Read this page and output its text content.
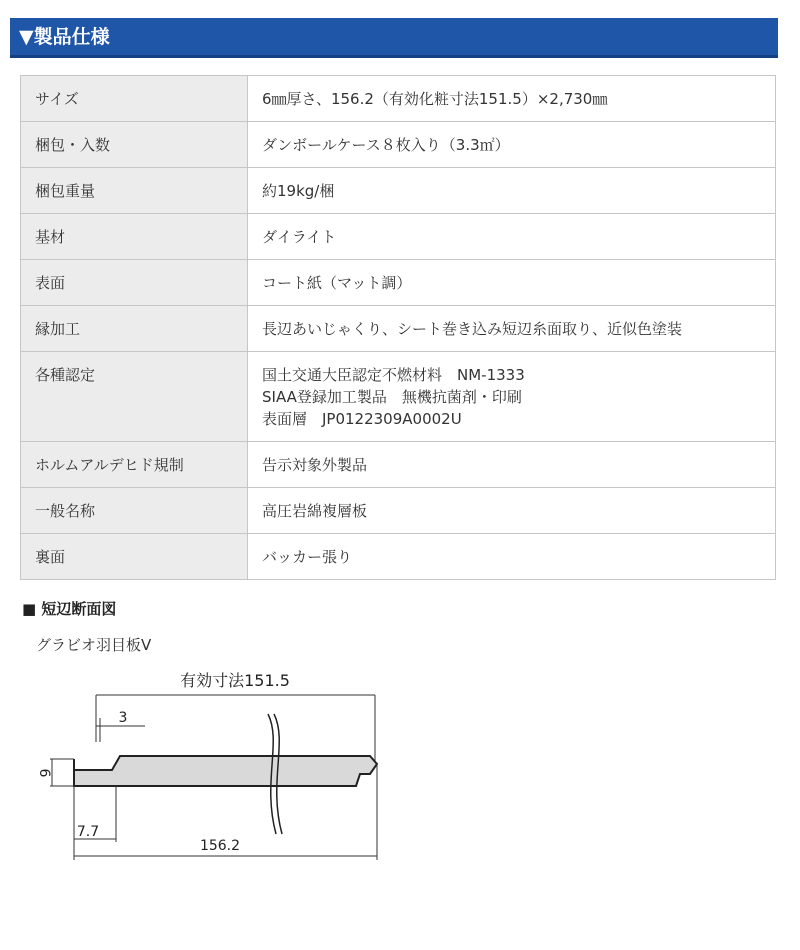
▼製品仕様
サイズ	6㎜厚さ、156.2（有効化粧寸法151.5）×2,730㎜

梱包・入数	ダンボールケース８枚入り（3.3㎡）

梱包重量	約19kg/梱

基材	ダイライト

表面	コート紙（マット調）

縁加工	長辺あいじゃくり、シート巻き込み短辺糸面取り、近似色塗装

各種認定	国土交通大臣認定不燃材料　NM-1333
SIAA登録加工製品　無機抗菌剤・印刷
表面層　JP0122309A0002U

ホルムアルデヒド規制	告示対象外製品

一般名称	高圧岩綿複層板

裏面	バッカー張り
■ 短辺断面図
グラビオ羽目板V
有効寸法151.5
3
6
7.7
156.2
